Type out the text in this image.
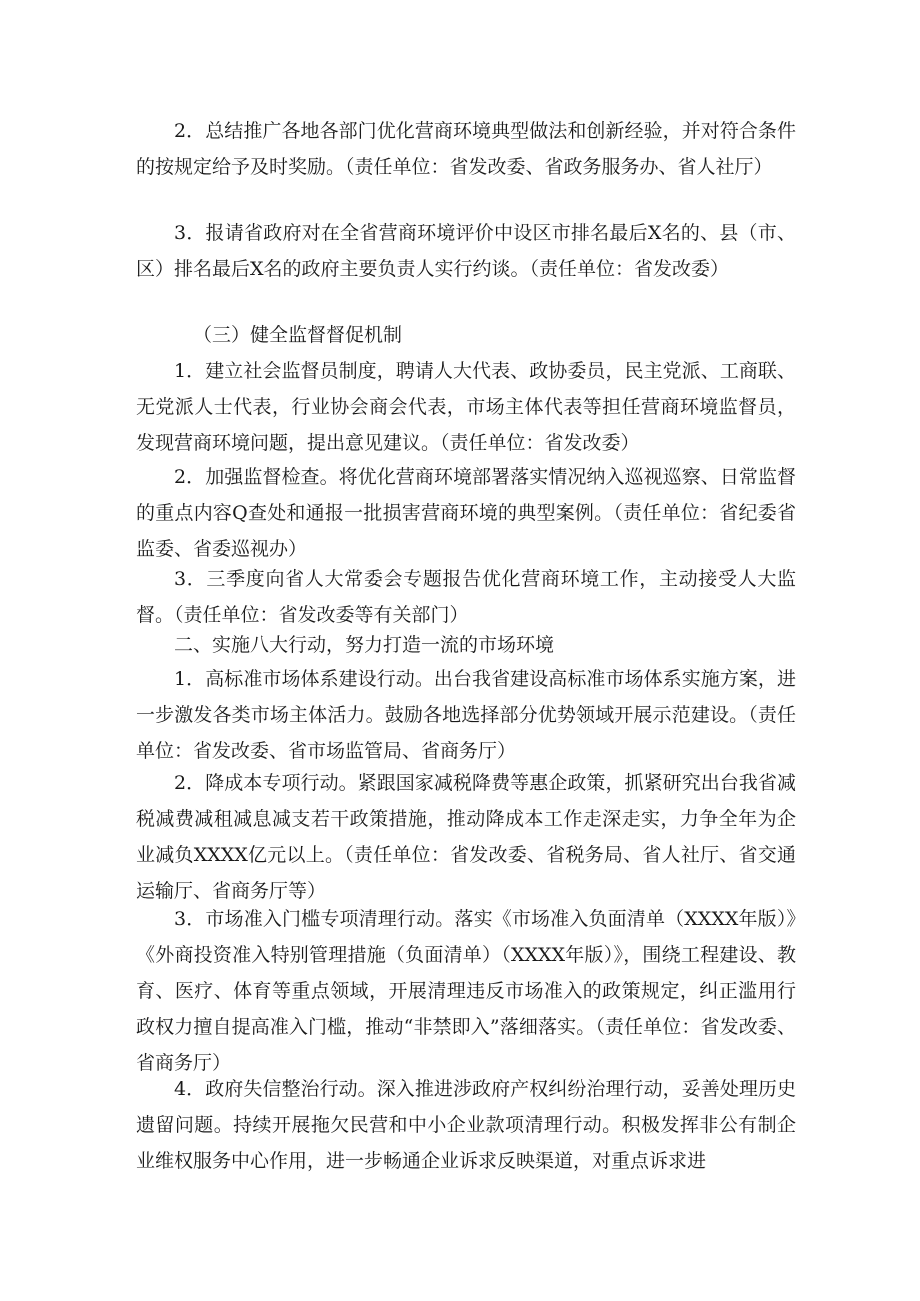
2．总结推广各地各部门优化营商环境典型做法和创新经验，并对符合条件的按规定给予及时奖励。（责任单位：省发改委、省政务服务办、省人社厅）

3．报请省政府对在全省营商环境评价中设区市排名最后X名的、县（市、区）排名最后X名的政府主要负责人实行约谈。（责任单位：省发改委）

（三）健全监督督促机制

1．建立社会监督员制度，聘请人大代表、政协委员，民主党派、工商联、无党派人士代表，行业协会商会代表，市场主体代表等担任营商环境监督员，发现营商环境问题，提出意见建议。（责任单位：省发改委）

2．加强监督检查。将优化营商环境部署落实情况纳入巡视巡察、日常监督的重点内容Q查处和通报一批损害营商环境的典型案例。（责任单位：省纪委省监委、省委巡视办）

3．三季度向省人大常委会专题报告优化营商环境工作，主动接受人大监督。（责任单位：省发改委等有关部门）

二、实施八大行动，努力打造一流的市场环境

1．高标准市场体系建设行动。出台我省建设高标准市场体系实施方案，进一步激发各类市场主体活力。鼓励各地选择部分优势领域开展示范建设。（责任单位：省发改委、省市场监管局、省商务厅）

2．降成本专项行动。紧跟国家减税降费等惠企政策，抓紧研究出台我省减税减费减租减息减支若干政策措施，推动降成本工作走深走实，力争全年为企业减负XXXX亿元以上。（责任单位：省发改委、省税务局、省人社厅、省交通运输厅、省商务厅等）

3．市场准入门槛专项清理行动。落实《市场准入负面清单（XXXX年版）》《外商投资准入特别管理措施（负面清单）（XXXX年版）》，围绕工程建设、教育、医疗、体育等重点领域，开展清理违反市场准入的政策规定，纠正滥用行政权力擅自提高准入门槛，推动“非禁即入”落细落实。（责任单位：省发改委、省商务厅）

4．政府失信整治行动。深入推进涉政府产权纠纷治理行动，妥善处理历史遗留问题。持续开展拖欠民营和中小企业款项清理行动。积极发挥非公有制企业维权服务中心作用，进一步畅通企业诉求反映渠道，对重点诉求进
